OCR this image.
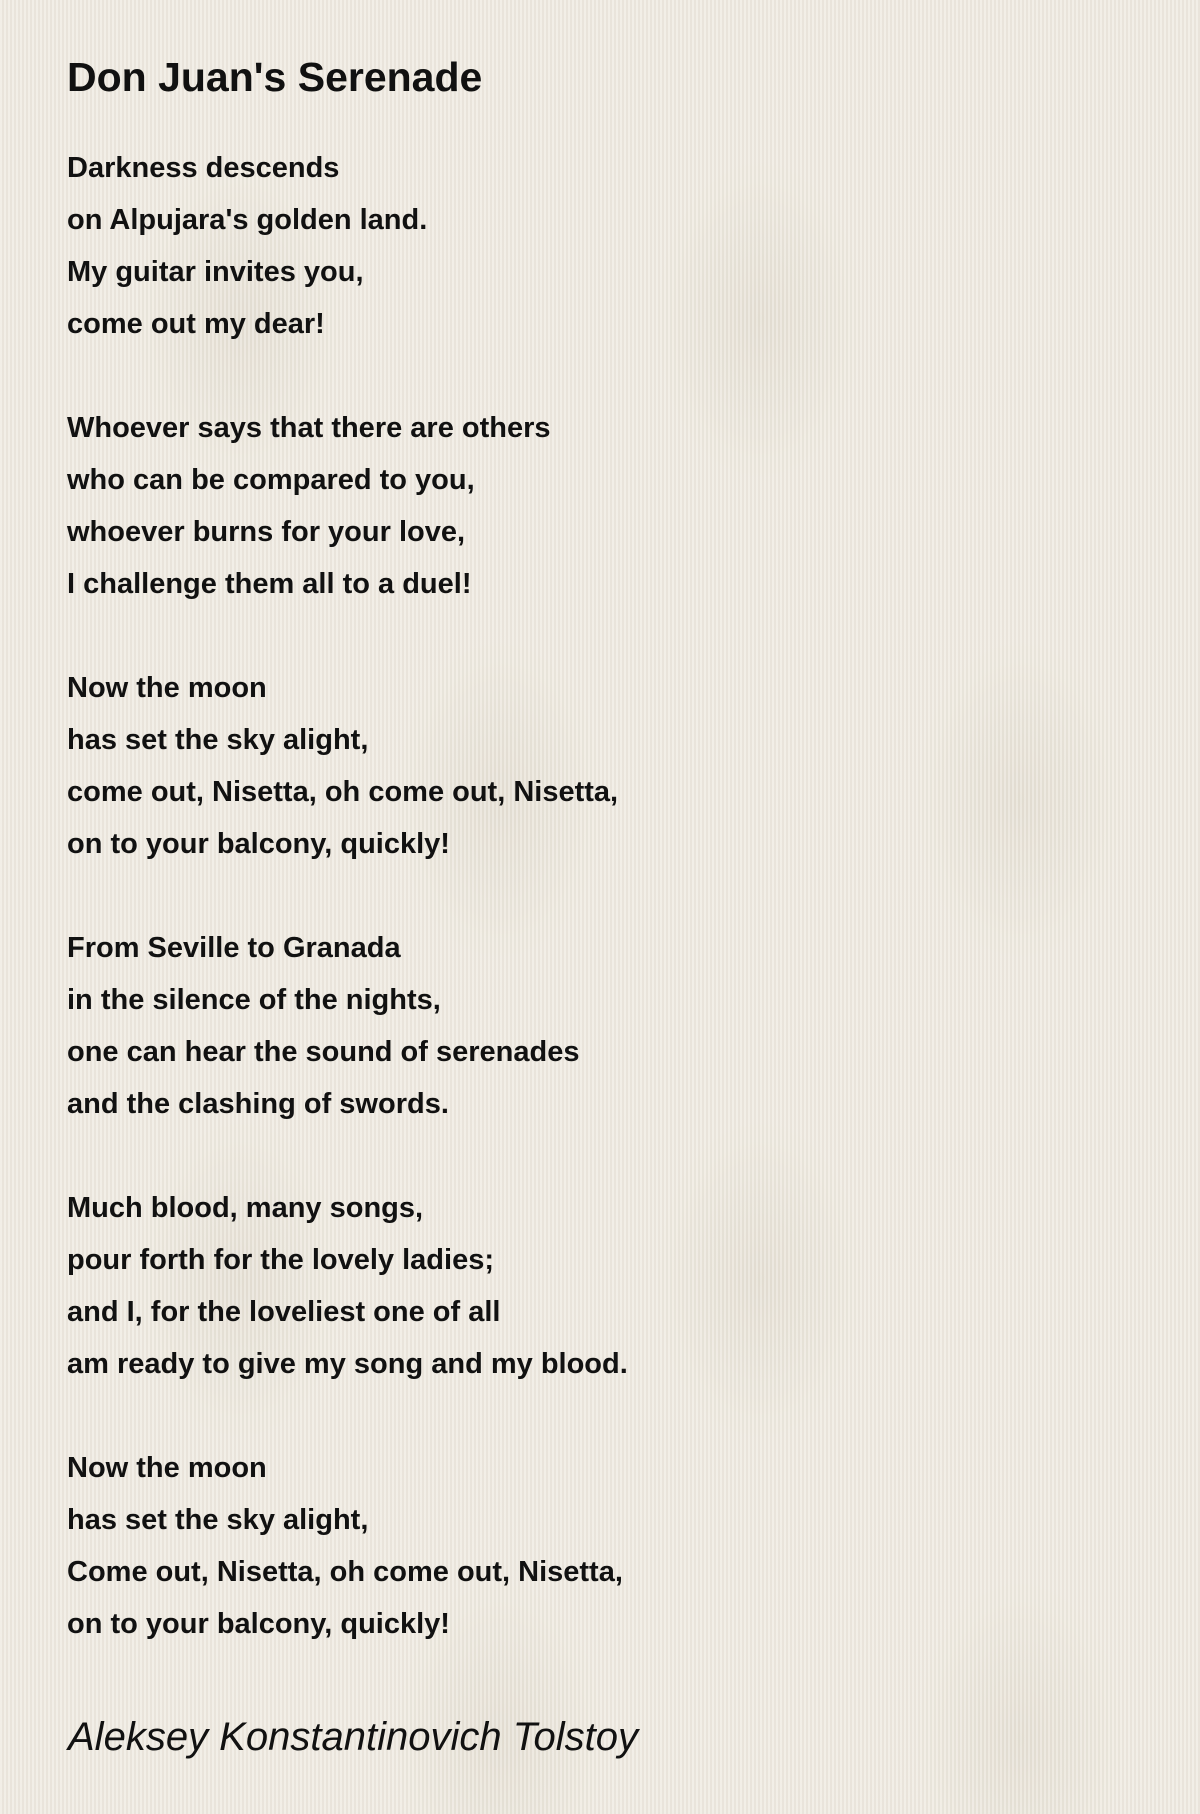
Don Juan's Serenade
Darkness descends
on Alpujara's golden land.
My guitar invites you,
come out my dear!
Whoever says that there are others
who can be compared to you,
whoever burns for your love,
I challenge them all to a duel!
Now the moon
has set the sky alight,
come out, Nisetta, oh come out, Nisetta,
on to your balcony, quickly!
From Seville to Granada
in the silence of the nights,
one can hear the sound of serenades
and the clashing of swords.
Much blood, many songs,
pour forth for the lovely ladies;
and I, for the loveliest one of all
am ready to give my song and my blood.
Now the moon
has set the sky alight,
Come out, Nisetta, oh come out, Nisetta,
on to your balcony, quickly!
Aleksey Konstantinovich Tolstoy
